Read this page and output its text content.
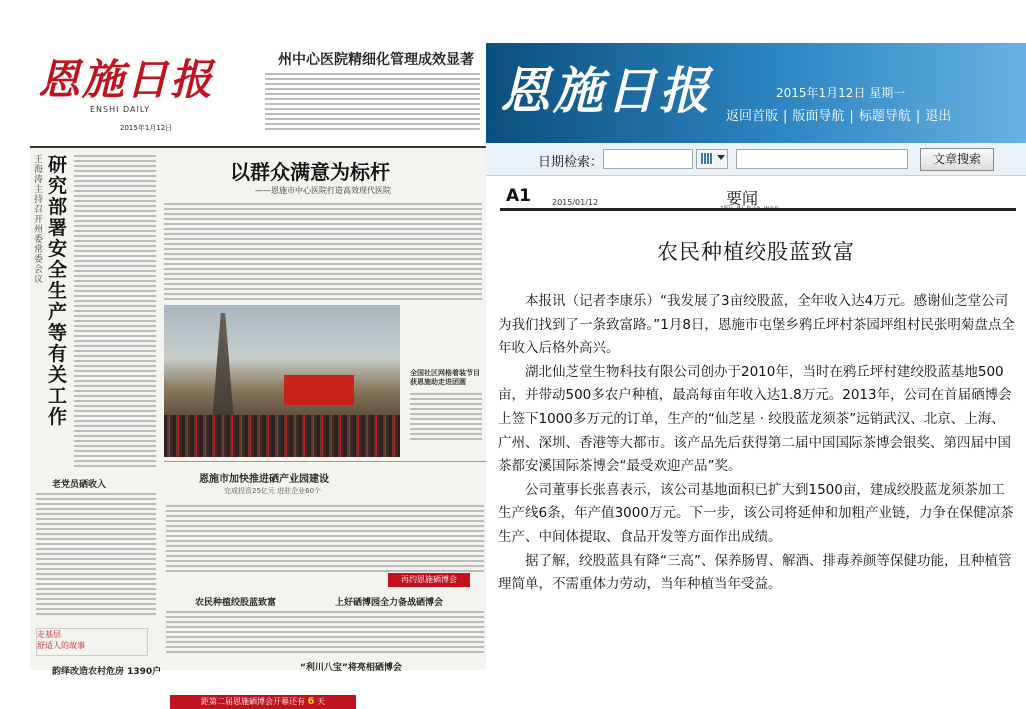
恩施日报
ENSHI DAILY
2015年1月12日
州中心医院精细化管理成效显著
王海涛主持召开州委常委会议
研究部署安全生产等有关工作
以群众满意为标杆
——恩施市中心医院打造高效现代医院
全国社区网格着装节目获恩施助走进团圆
老党员硒收入
走基层
舒适人的故事
韵绎改造农村危房 1390户
恩施市加快推进硒产业园建设
完成投资25亿元 进驻企业60个
再约恩施硒博会
农民种植绞股蓝致富	上好硒博园全力备战硒博会
“利川八宝”将亮相硒博会
距第二届恩施硒博会开幕还有 6 天
恩施日报	2015年1月12日 星期一
返回首版 | 版面导航 | 标题导航 | 退出
日期检索：	文章搜索
A1	2015/01/12	要闻
农民种植绞股蓝致富

本报讯（记者李康乐）“我发展了3亩绞股蓝，全年收入达4万元。感谢仙芝堂公司为我们找到了一条致富路。”1月8日，恩施市屯堡乡鸦丘坪村茶园坪组村民张明菊盘点全年收入后格外高兴。

湖北仙芝堂生物科技有限公司创办于2010年，当时在鸦丘坪村建绞股蓝基地500亩，并带动500多农户种植，最高每亩年收入达1.8万元。2013年，公司在首届硒博会上签下1000多万元的订单，生产的“仙芝星 · 绞股蓝龙须茶”远销武汉、北京、上海、广州、深圳、香港等大都市。该产品先后获得第二届中国国际茶博会银奖、第四届中国茶都安溪国际茶博会“最受欢迎产品”奖。

公司董事长张喜表示，该公司基地面积已扩大到1500亩，建成绞股蓝龙须茶加工生产线6条，年产值3000万元。下一步，该公司将延伸和加粗产业链，力争在保健凉茶生产、中间体提取、食品开发等方面作出成绩。

据了解，绞股蓝具有降“三高”、保养肠胃、解酒、排毒养颜等保健功能，且种植管理简单，不需重体力劳动，当年种植当年受益。
